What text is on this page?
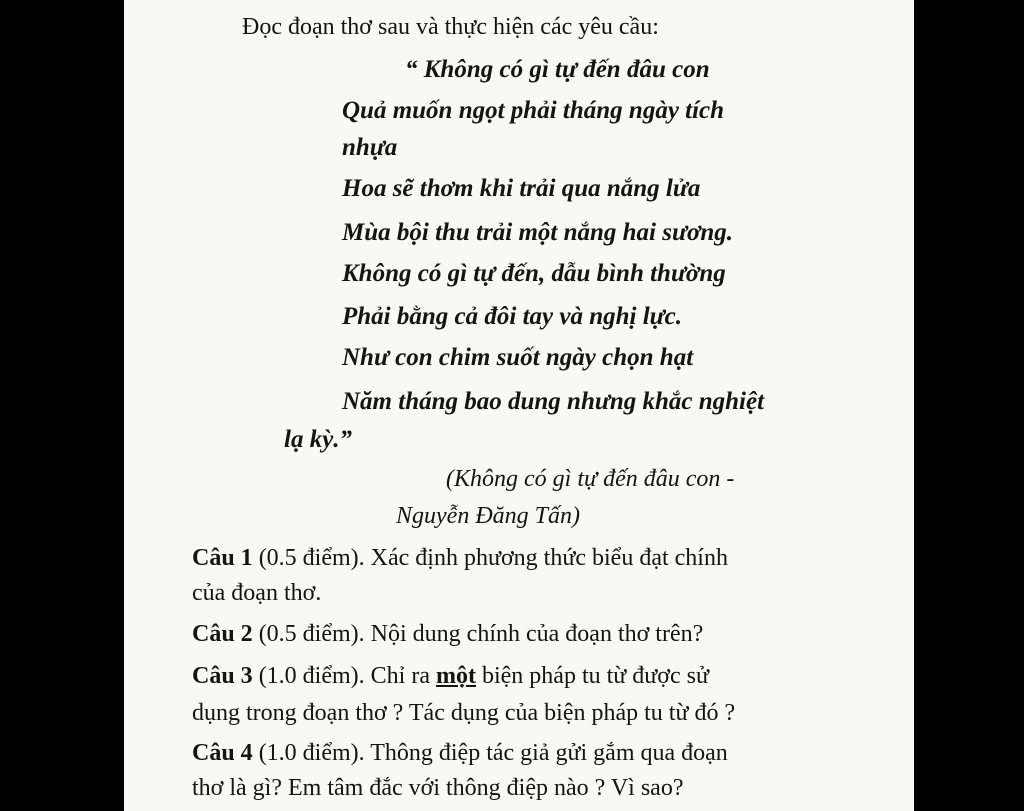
Đọc đoạn thơ sau và thực hiện các yêu cầu:
“ Không có gì tự đến đâu con
Quả muốn ngọt phải tháng ngày tích
nhựa
Hoa sẽ thơm khi trải qua nắng lửa
Mùa bội thu trải một nắng hai sương.
Không có gì tự đến, dẫu bình thường
Phải bằng cả đôi tay và nghị lực.
Như con chim suốt ngày chọn hạt
Năm tháng bao dung nhưng khắc nghiệt
lạ kỳ.”
(Không có gì tự đến đâu con -
Nguyễn Đăng Tấn)
Câu 1 (0.5 điểm). Xác định phương thức biểu đạt chính
của đoạn thơ.
Câu 2 (0.5 điểm). Nội dung chính của đoạn thơ trên?
Câu 3 (1.0 điểm). Chỉ ra một biện pháp tu từ được sử
dụng trong đoạn thơ ? Tác dụng của biện pháp tu từ đó ?
Câu 4 (1.0 điểm). Thông điệp tác giả gửi gắm qua đoạn
thơ là gì? Em tâm đắc với thông điệp nào ? Vì sao?
